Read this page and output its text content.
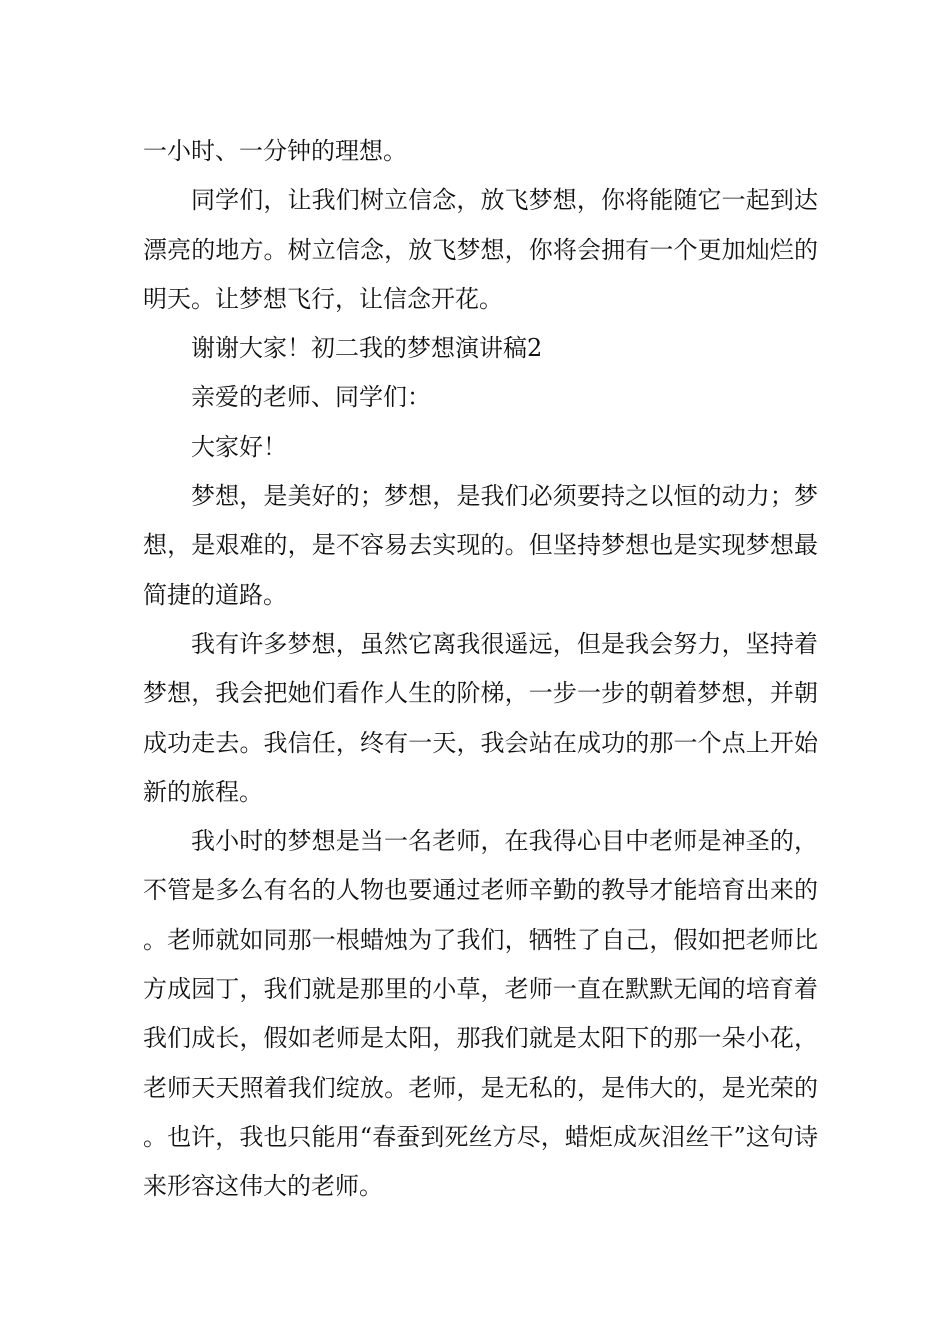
一小时、一分钟的理想。

同学们，让我们树立信念，放飞梦想，你将能随它一起到达漂亮的地方。树立信念，放飞梦想，你将会拥有一个更加灿烂的明天。让梦想飞行，让信念开花。

谢谢大家！初二我的梦想演讲稿2

亲爱的老师、同学们：

大家好！

梦想，是美好的；梦想，是我们必须要持之以恒的动力；梦想，是艰难的，是不容易去实现的。但坚持梦想也是实现梦想最简捷的道路。

我有许多梦想，虽然它离我很遥远，但是我会努力，坚持着梦想，我会把她们看作人生的阶梯，一步一步的朝着梦想，并朝成功走去。我信任，终有一天，我会站在成功的那一个点上开始新的旅程。

我小时的梦想是当一名老师，在我得心目中老师是神圣的，不管是多么有名的人物也要通过老师辛勤的教导才能培育出来的。老师就如同那一根蜡烛为了我们，牺牲了自己，假如把老师比方成园丁，我们就是那里的小草，老师一直在默默无闻的培育着我们成长，假如老师是太阳，那我们就是太阳下的那一朵小花，老师天天照着我们绽放。老师，是无私的，是伟大的，是光荣的。也许，我也只能用“春蚕到死丝方尽，蜡炬成灰泪丝干”这句诗来形容这伟大的老师。
